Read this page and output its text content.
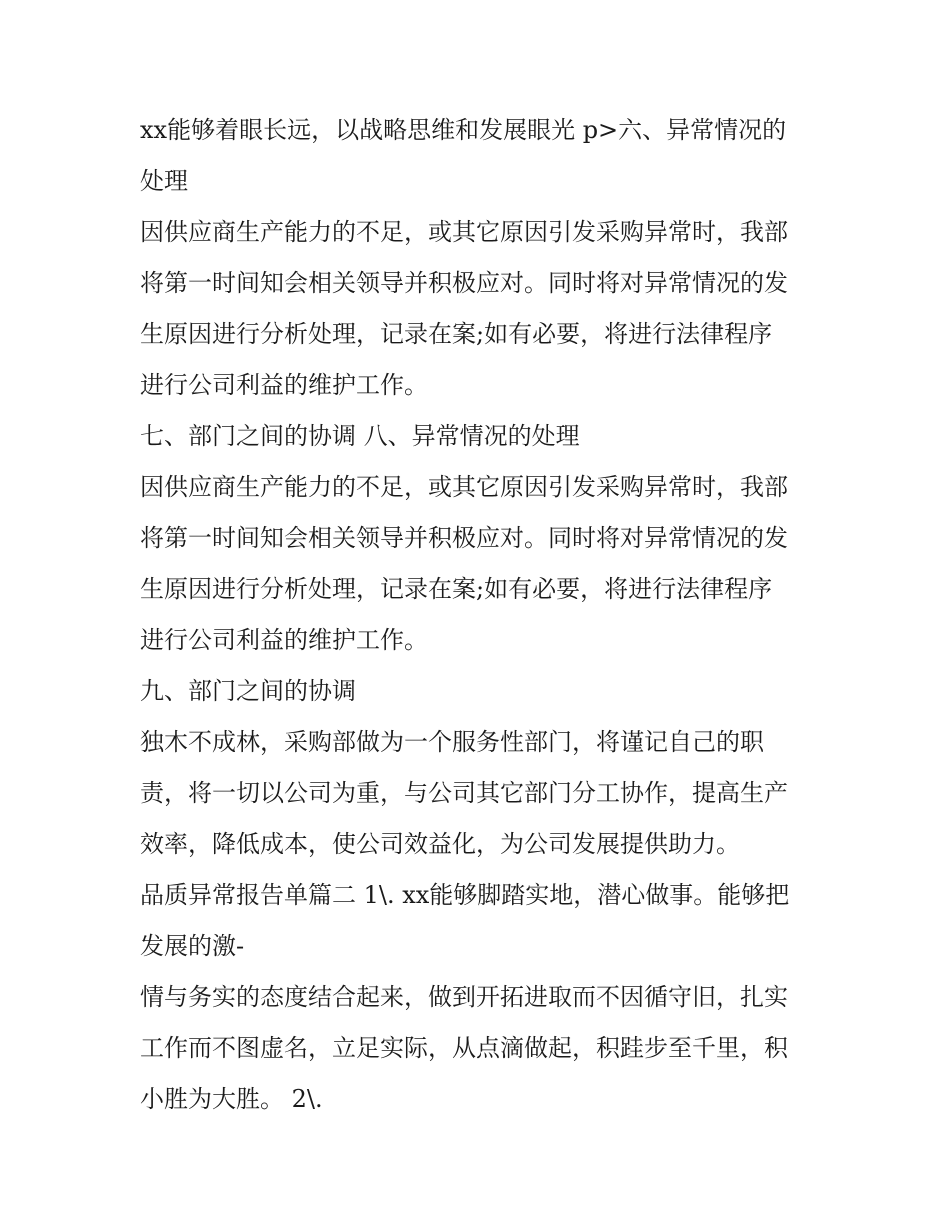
xx能够着眼长远，以战略思维和发展眼光 p>六、异常情况的
处理
因供应商生产能力的不足，或其它原因引发采购异常时，我部
将第一时间知会相关领导并积极应对。同时将对异常情况的发
生原因进行分析处理，记录在案;如有必要，将进行法律程序
进行公司利益的维护工作。
七、部门之间的协调 八、异常情况的处理
因供应商生产能力的不足，或其它原因引发采购异常时，我部
将第一时间知会相关领导并积极应对。同时将对异常情况的发
生原因进行分析处理，记录在案;如有必要，将进行法律程序
进行公司利益的维护工作。
九、部门之间的协调
独木不成林，采购部做为一个服务性部门，将谨记自己的职
责，将一切以公司为重，与公司其它部门分工协作，提高生产
效率，降低成本，使公司效益化，为公司发展提供助力。
品质异常报告单篇二 1\. xx能够脚踏实地，潜心做事。能够把
发展的激-
情与务实的态度结合起来，做到开拓进取而不因循守旧，扎实
工作而不图虚名，立足实际，从点滴做起，积跬步至千里，积
小胜为大胜。 2\.
